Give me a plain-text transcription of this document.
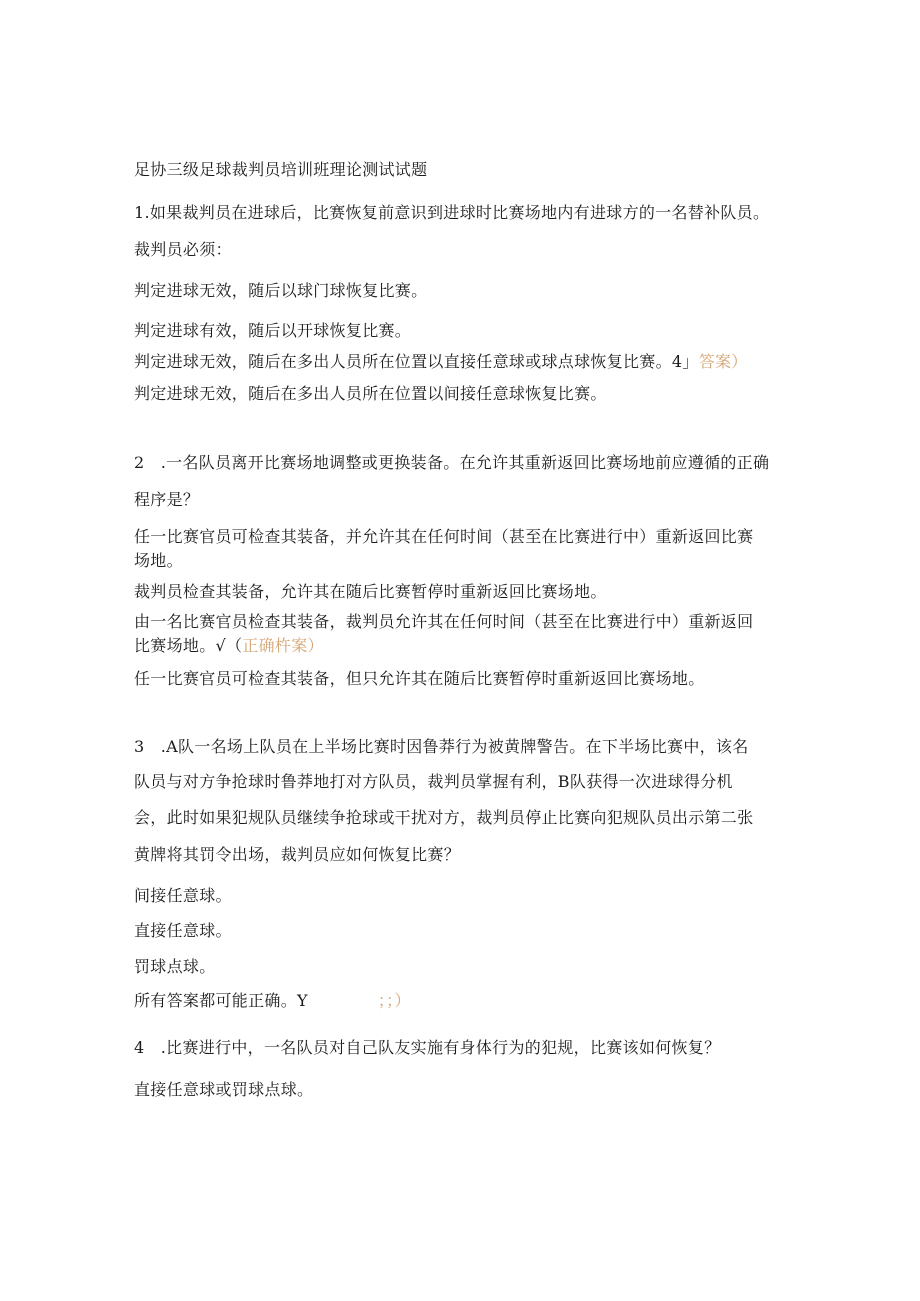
足协三级足球裁判员培训班理论测试试题
1.如果裁判员在进球后，比赛恢复前意识到进球时比赛场地内有进球方的一名替补队员。
裁判员必须：
判定进球无效，随后以球门球恢复比赛。
判定进球有效，随后以开球恢复比赛。
判定进球无效，随后在多出人员所在位置以直接任意球或球点球恢复比赛。4」答案）
判定进球无效，随后在多出人员所在位置以间接任意球恢复比赛。
2　.一名队员离开比赛场地调整或更换装备。在允许其重新返回比赛场地前应遵循的正确
程序是？
任一比赛官员可检查其装备，并允许其在任何时间（甚至在比赛进行中）重新返回比赛
场地。
裁判员检查其装备，允许其在随后比赛暂停时重新返回比赛场地。
由一名比赛官员检查其装备，裁判员允许其在任何时间（甚至在比赛进行中）重新返回
比赛场地。√（正确杵案）
任一比赛官员可检查其装备，但只允许其在随后比赛暂停时重新返回比赛场地。
3　.A队一名场上队员在上半场比赛时因鲁莽行为被黄牌警告。在下半场比赛中，该名
队员与对方争抢球时鲁莽地打对方队员，裁判员掌握有利，B队获得一次进球得分机
会，此时如果犯规队员继续争抢球或干扰对方，裁判员停止比赛向犯规队员出示第二张
黄牌将其罚令出场，裁判员应如何恢复比赛？
间接任意球。
直接任意球。
罚球点球。
所有答案都可能正确。Y	；；）
4　.比赛进行中，一名队员对自己队友实施有身体行为的犯规，比赛该如何恢复？
直接任意球或罚球点球。
